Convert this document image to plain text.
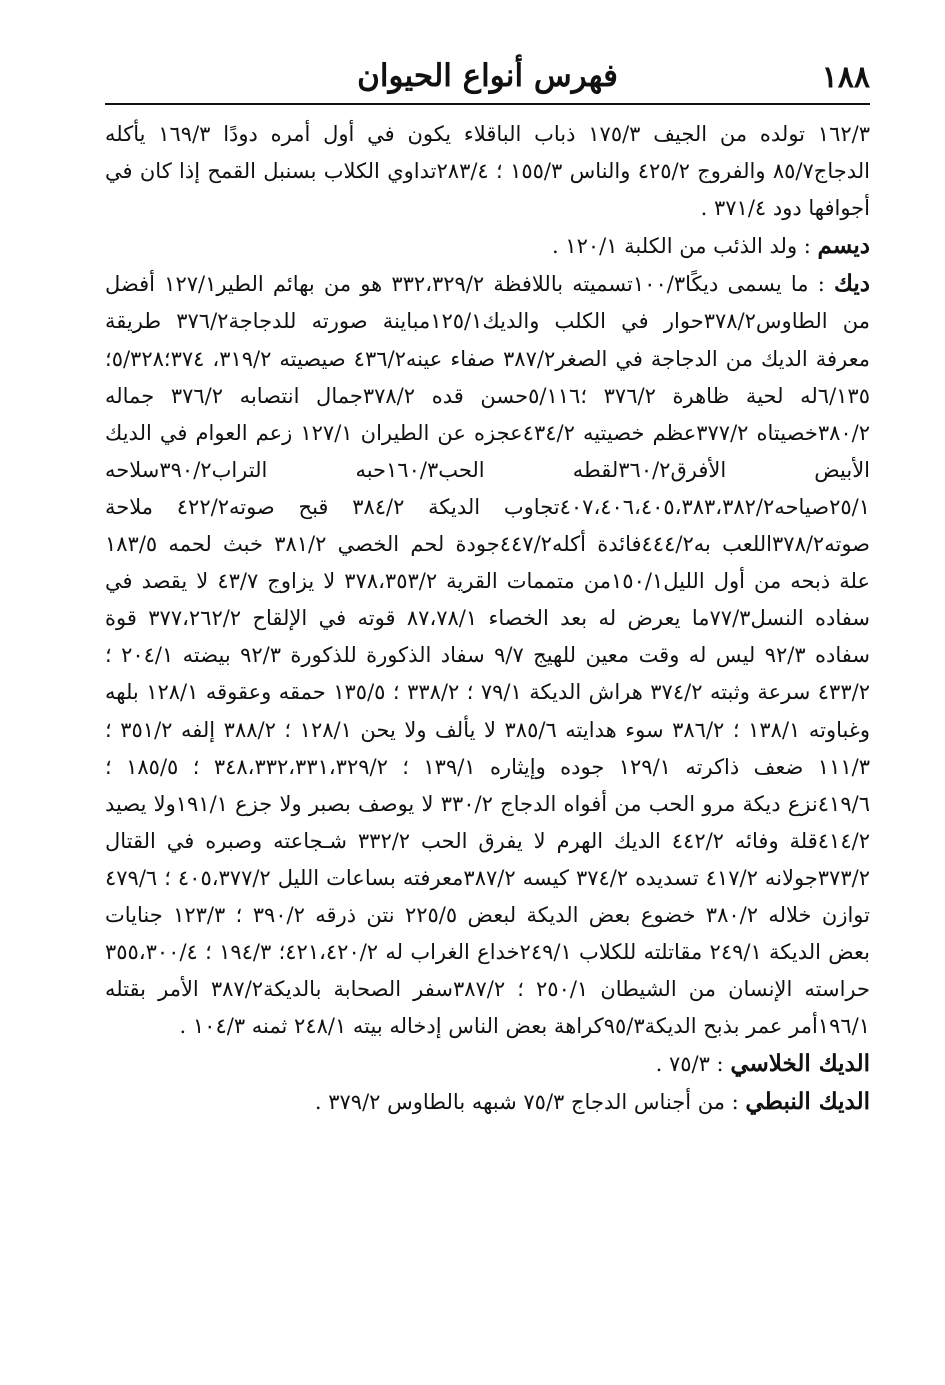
١٨٨
فهرس أنواع الحيوان

١٦٢/٣ تولده من الجيف ١٧٥/٣ ذباب الباقلاء يكون في أول أمره دودًا ١٦٩/٣ يأكله الدجاج٨٥/٧ والفروج ٤٢٥/٢ والناس ١٥٥/٣ ؛ ٢٨٣/٤تداوي الكلاب بسنبل القمح إذا كان في أجوافها دود ٣٧١/٤ .

ديسم : ولد الذئب من الكلبة ١٢٠/١ .

ديك : ما يسمى ديكًا١٠٠/٣تسميته باللافظة ٣٣٢،٣٢٩/٢ هو من بهائم الطير١٢٧/١ أفضل من الطاوس٣٧٨/٢حوار في الكلب والديك١٢٥/١مباينة صورته للدجاجة٣٧٦/٢ طريقة معرفة الديك من الدجاجة في الصغر٣٨٧/٢ صفاء عينه٤٣٦/٢ صيصيته ٣١٩/٢، ٣٧٤؛٥/٣٢٨؛٦/١٣٥له لحية ظاهرة ٣٧٦/٢ ؛٥/١١٦حسن قده ٣٧٨/٢جمال انتصابه ٣٧٦/٢ جماله ٣٨٠/٢خصيتاه ٣٧٧/٢عظم خصيتيه ٤٣٤/٢عجزه عن الطيران ١٢٧/١ زعم العوام في الديك الأبيض الأفرق٣٦٠/٢لقطه الحب١٦٠/٣حبه التراب٣٩٠/٢سلاحه ٢٥/١صياحه٤٠٧،٤٠٦،٤٠٥،٣٨٣،٣٨٢/٢تجاوب الديكة ٣٨٤/٢ قبح صوته٤٢٢/٢ ملاحة صوته٣٧٨/٢اللعب به٤٤٤/٢فائدة أكله٤٤٧/٢جودة لحم الخصي ٣٨١/٢ خبث لحمه ١٨٣/٥ علة ذبحه من أول الليل١٥٠/١من متممات القرية ٣٧٨،٣٥٣/٢ لا يزاوج ٤٣/٧ لا يقصد في سفاده النسل٧٧/٣ما يعرض له بعد الخصاء ٨٧،٧٨/١ قوته في الإلقاح ٣٧٧،٢٦٢/٢ قوة سفاده ٩٢/٣ ليس له وقت معين للهيج ٩/٧ سفاد الذكورة للذكورة ٩٢/٣ بيضته ٢٠٤/١ ؛ ٤٣٣/٢ سرعة وثبته ٣٧٤/٢ هراش الديكة ٧٩/١ ؛ ٣٣٨/٢ ؛ ١٣٥/٥ حمقه وعقوقه ١٢٨/١ بلهه وغباوته ١٣٨/١ ؛ ٣٨٦/٢ سوء هدايته ٣٨٥/٦ لا يألف ولا يحن ١٢٨/١ ؛ ٣٨٨/٢ إلفه ٣٥١/٢ ؛ ١١١/٣ ضعف ذاكرته ١٢٩/١ جوده وإيثاره ١٣٩/١ ؛ ٣٤٨،٣٣٢،٣٣١،٣٢٩/٢ ؛ ١٨٥/٥ ؛ ٤١٩/٦نزع ديكة مرو الحب من أفواه الدجاج ٣٣٠/٢ لا يوصف بصبر ولا جزع ١٩١/١ولا يصيد ٤١٤/٢قلة وفائه ٤٤٢/٢ الديك الهرم لا يفرق الحب ٣٣٢/٢ شـجاعته وصبره في القتال ٣٧٣/٢جولانه ٤١٧/٢ تسديده ٣٧٤/٢ كيسه ٣٨٧/٢معرفته بساعات الليل ٤٠٥،٣٧٧/٢ ؛ ٤٧٩/٦ توازن خلاله ٣٨٠/٢ خضوع بعض الديكة لبعض ٢٢٥/٥ نتن ذرقه ٣٩٠/٢ ؛ ١٢٣/٣ جنايات بعض الديكة ٢٤٩/١ مقاتلته للكلاب ٢٤٩/١خداع الغراب له ٤٢١،٤٢٠/٢؛ ١٩٤/٣ ؛ ٣٥٥،٣٠٠/٤ حراسته الإنسان من الشيطان ٢٥٠/١ ؛ ٣٨٧/٢سفر الصحابة بالديكة٣٨٧/٢ الأمر بقتله ١٩٦/١أمر عمر بذبح الديكة٩٥/٣كراهة بعض الناس إدخاله بيته ٢٤٨/١ ثمنه ١٠٤/٣ .

الديك الخلاسي : ٧٥/٣ .

الديك النبطي : من أجناس الدجاج ٧٥/٣ شبهه بالطاوس ٣٧٩/٢ .
